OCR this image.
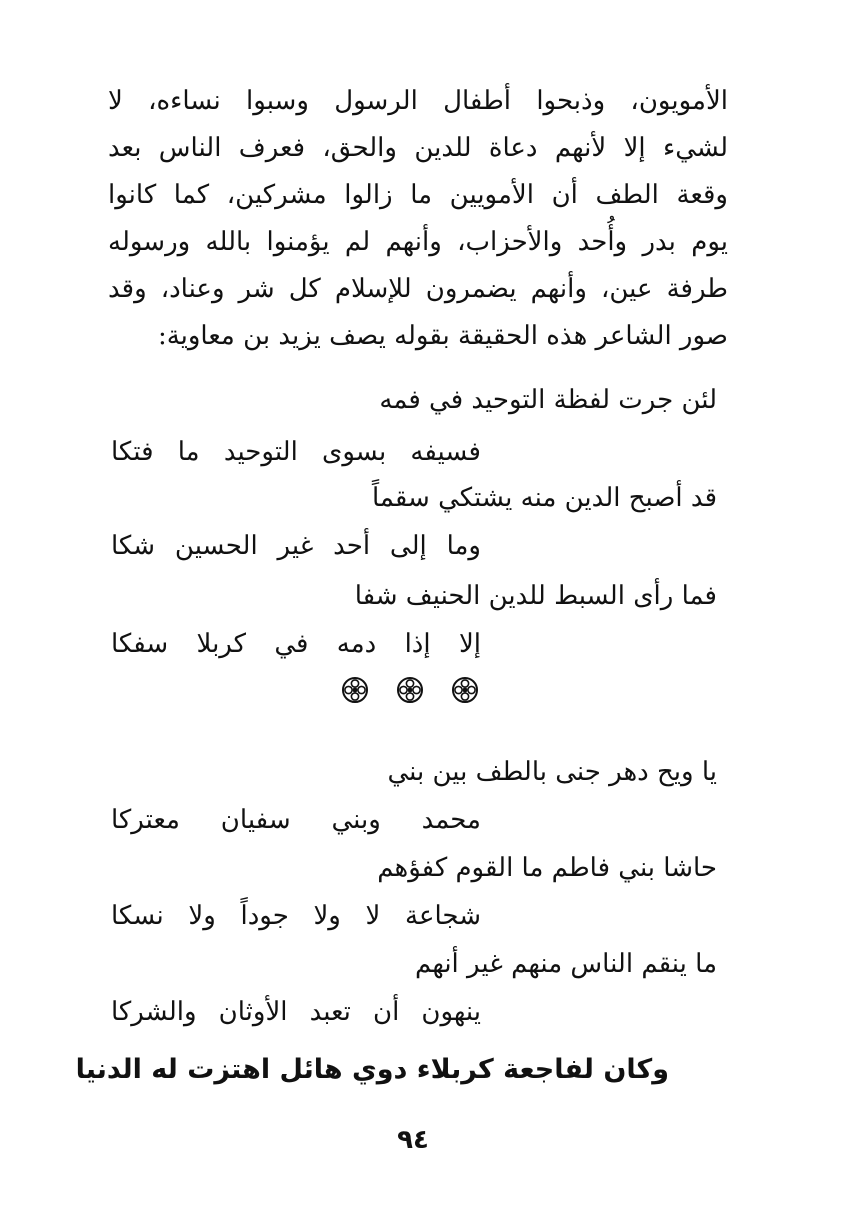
الأمويون، وذبحوا أطفال الرسول وسبوا نساءه، لا
لشيء إلا لأنهم دعاة للدين والحق، فعرف الناس بعد
وقعة الطف أن الأمويين ما زالوا مشركين، كما كانوا
يوم بدر وأُحد والأحزاب، وأنهم لم يؤمنوا بالله ورسوله
طرفة عين، وأنهم يضمرون للإسلام كل شر وعناد، وقد
صور الشاعر هذه الحقيقة بقوله يصف يزيد بن معاوية:
لئن جرت لفظة التوحيد في فمه
فسيفه بسوى التوحيد ما فتكا
قد أصبح الدين منه يشتكي سقماً
وما إلى أحد غير الحسين شكا
فما رأى السبط للدين الحنيف شفا
إلا إذا دمه في كربلا سفكا
يا ويح دهر جنى بالطف بين بني
محمد وبني سفيان معتركا
حاشا بني فاطم ما القوم كفؤهم
شجاعة لا ولا جوداً ولا نسكا
ما ينقم الناس منهم غير أنهم
ينهون أن تعبد الأوثان والشركا
وكان لفاجعة كربلاء دوي هائل اهتزت له الدنيا
٩٤
